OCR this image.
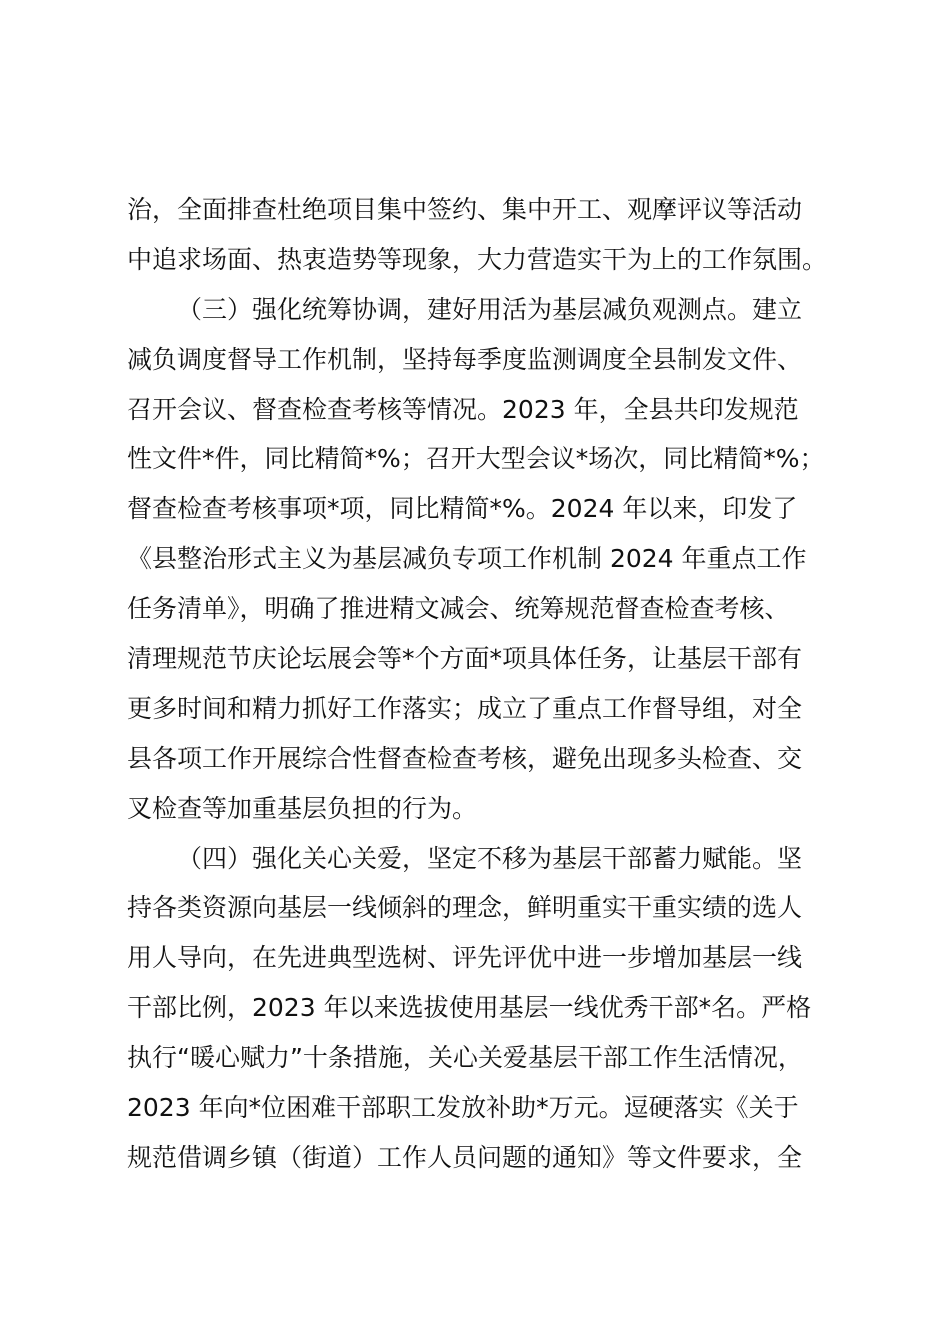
治，全面排查杜绝项目集中签约、集中开工、观摩评议等活动
中追求场面、热衷造势等现象，大力营造实干为上的工作氛围。
（三）强化统筹协调，建好用活为基层减负观测点。建立
减负调度督导工作机制，坚持每季度监测调度全县制发文件、
召开会议、督查检查考核等情况。2023 年，全县共印发规范
性文件*件，同比精简*%；召开大型会议*场次，同比精简*%；
督查检查考核事项*项，同比精简*%。2024 年以来，印发了
《县整治形式主义为基层减负专项工作机制 2024 年重点工作
任务清单》，明确了推进精文减会、统筹规范督查检查考核、
清理规范节庆论坛展会等*个方面*项具体任务，让基层干部有
更多时间和精力抓好工作落实；成立了重点工作督导组，对全
县各项工作开展综合性督查检查考核，避免出现多头检查、交
叉检查等加重基层负担的行为。
（四）强化关心关爱，坚定不移为基层干部蓄力赋能。坚
持各类资源向基层一线倾斜的理念，鲜明重实干重实绩的选人
用人导向，在先进典型选树、评先评优中进一步增加基层一线
干部比例，2023 年以来选拔使用基层一线优秀干部*名。严格
执行“暖心赋力”十条措施，关心关爱基层干部工作生活情况，
2023 年向*位困难干部职工发放补助*万元。逗硬落实《关于
规范借调乡镇（街道）工作人员问题的通知》等文件要求，全
